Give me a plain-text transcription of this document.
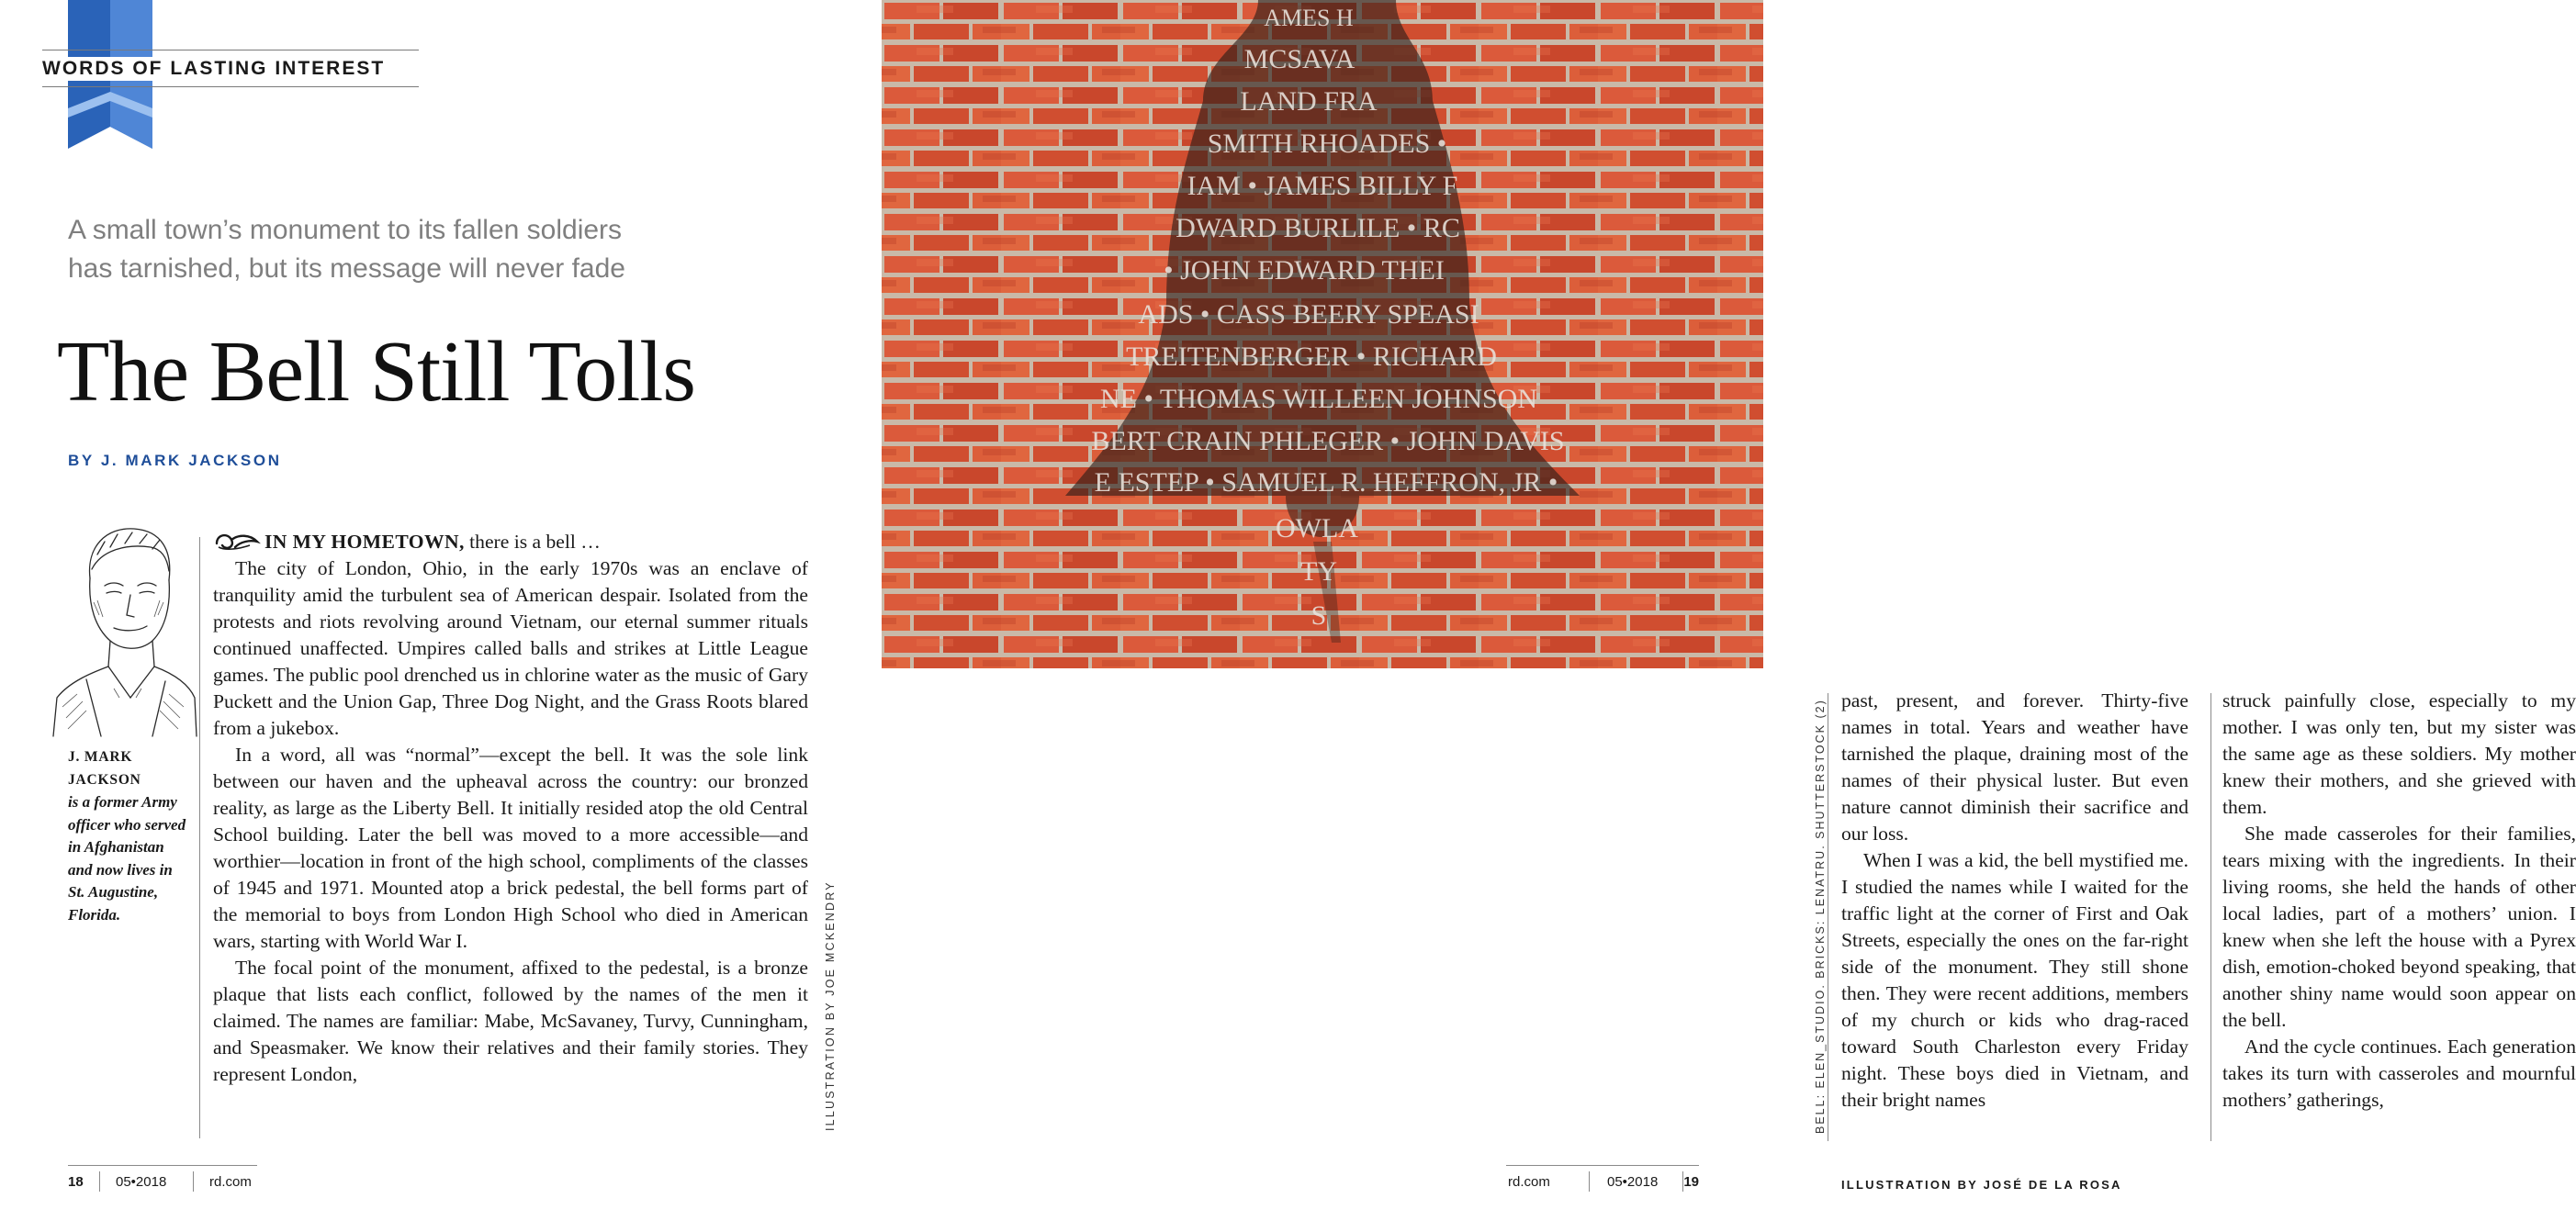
WORDS OF LASTING INTEREST
A small town’s monument to its fallen soldiers
has tarnished, but its message will never fade
The Bell Still Tolls
BY J. MARK JACKSON
J. MARK
JACKSON
is a former Army officer who served in Afghanistan and now lives in St. Augustine, Florida.

IN MY HOMETOWN, there is a bell …

The city of London, Ohio, in the early 1970s was an enclave of tranquility amid the turbulent sea of American despair. Isolated from the protests and riots revolving around Vietnam, our eternal summer rituals continued unaffected. Umpires called balls and strikes at Little League games. The public pool drenched us in chlorine water as the music of Gary Puckett and the Union Gap, Three Dog Night, and the Grass Roots blared from a jukebox.

In a word, all was “normal”—except the bell. It was the sole link between our haven and the upheaval across the country: our bronzed reality, as large as the Liberty Bell. It initially resided atop the old Central School building. Later the bell was moved to a more accessible—and worthier—location in front of the high school, compliments of the classes of 1945 and 1971. Mounted atop a brick pedestal, the bell forms part of the memorial to boys from London High School who died in American wars, starting with World War I.

The focal point of the monument, affixed to the pedestal, is a bronze plaque that lists each conflict, followed by the names of the men it claimed. The names are familiar: Mabe, McSavaney, Turvy, Cunningham, and Speasmaker. We know their relatives and their family stories. They represent London,	ILLUSTRATION BY JOE MCKENDRY
18 05•2018	rd.com
AMES H
MCSAVA
LAND FRA
SMITH RHOADES •
IAM • JAMES BILLY F
DWARD BURLILE • RC
• JOHN EDWARD THEI
ADS • CASS BEERY SPEASI
TREITENBERGER • RICHARD
NE • THOMAS WILLEEN JOHNSON
BERT CRAIN PHLEGER • JOHN DAVIS
E ESTEP • SAMUEL R. HEFFRON, JR •
OWLA
TY
S
BELL: ELEN_STUDIO. BRICKS: LENATRU. SHUTTERSTOCK (2) past, present, and forever. Thirty-five names in total. Years and weather have tarnished the plaque, draining most of the names of their physical luster. But even nature cannot diminish their sacrifice and our loss.

When I was a kid, the bell mystified me. I studied the names while I waited for the traffic light at the corner of First and Oak Streets, especially the ones on the far-right side of the monument. They still shone then. They were recent additions, members of my church or kids who drag-raced toward South Charleston every Friday night. These boys died in Vietnam, and their bright names

struck painfully close, especially to my mother. I was only ten, but my sister was the same age as these soldiers. My mother knew their mothers, and she grieved with them.

She made casseroles for their families, tears mixing with the ingredients. In their living rooms, she held the hands of other local ladies, part of a mothers’ union. I knew when she left the house with a Pyrex dish, emotion-choked beyond speaking, that another shiny name would soon appear on the bell.

And the cycle continues. Each generation takes its turn with casseroles and mournful mothers’ gatherings,

ILLUSTRATION BY JOSÉ DE LA ROSA
rd.com	05•2018	19
